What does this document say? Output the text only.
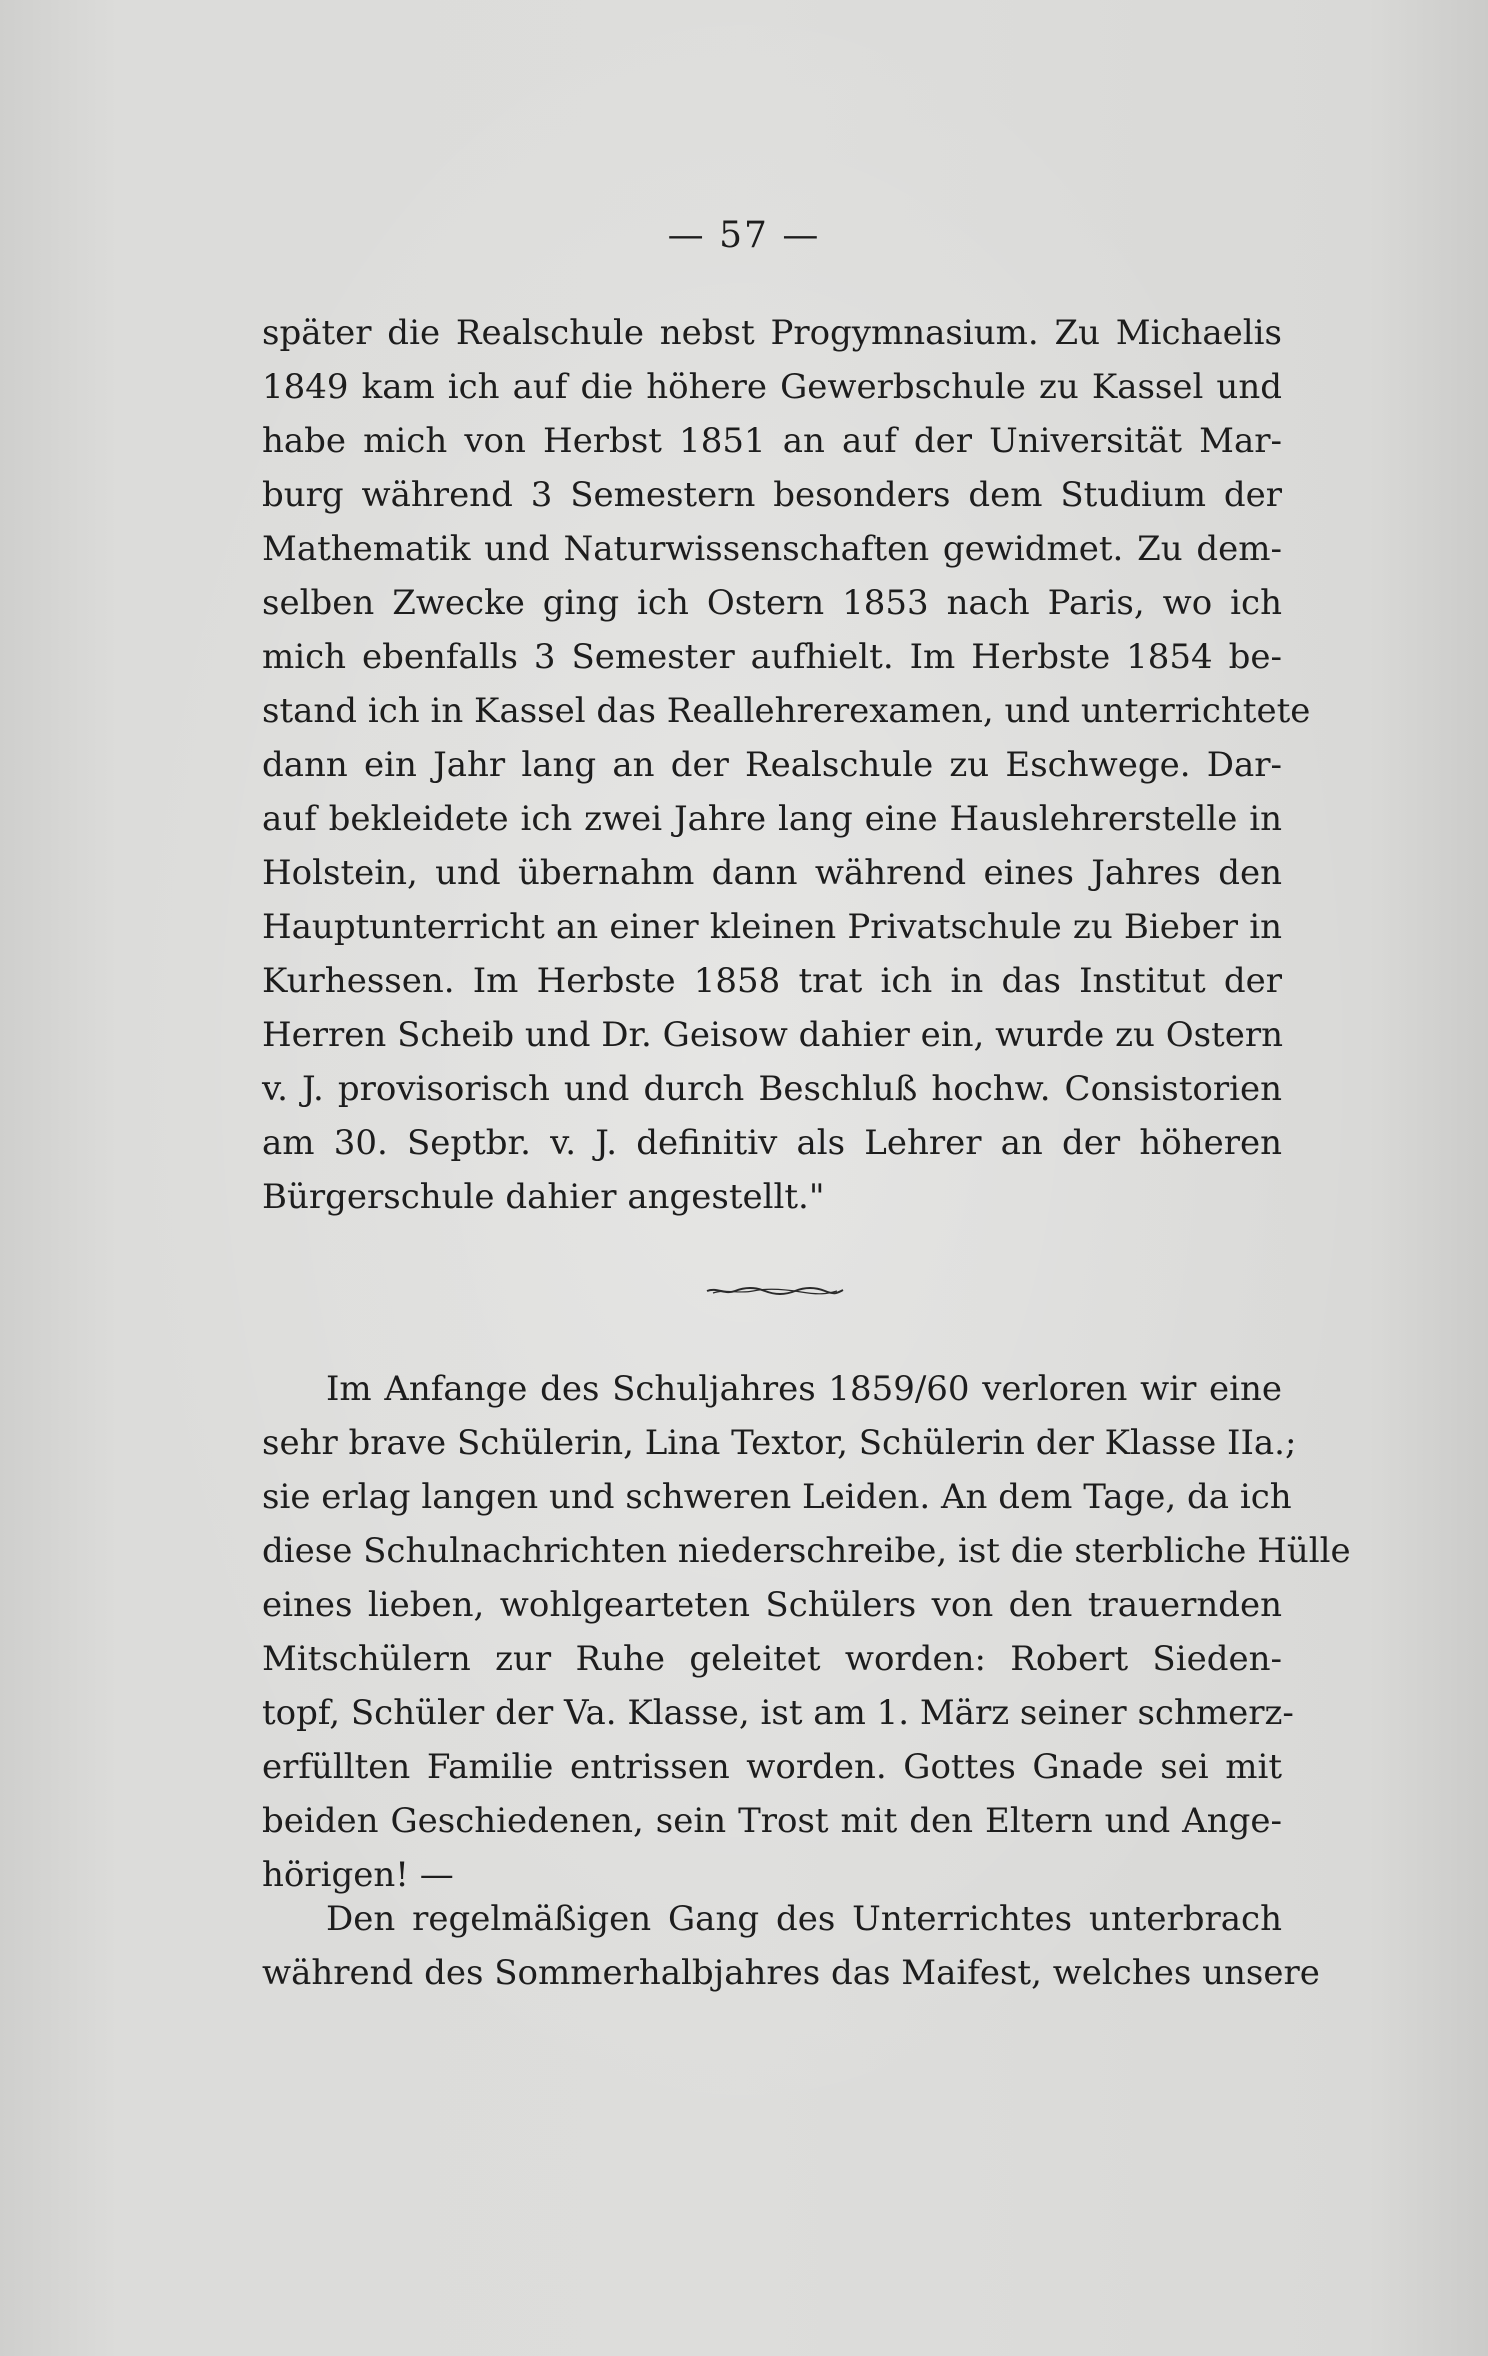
— 57 —
später die Realschule nebst Progymnasium. Zu Michaelis
1849 kam ich auf die höhere Gewerbschule zu Kassel und
habe mich von Herbst 1851 an auf der Universität Mar-
burg während 3 Semestern besonders dem Studium der
Mathematik und Naturwissenschaften gewidmet. Zu dem-
selben Zwecke ging ich Ostern 1853 nach Paris, wo ich
mich ebenfalls 3 Semester aufhielt. Im Herbste 1854 be-
stand ich in Kassel das Reallehrerexamen, und unterrichtete
dann ein Jahr lang an der Realschule zu Eschwege. Dar-
auf bekleidete ich zwei Jahre lang eine Hauslehrerstelle in
Holstein, und übernahm dann während eines Jahres den
Hauptunterricht an einer kleinen Privatschule zu Bieber in
Kurhessen. Im Herbste 1858 trat ich in das Institut der
Herren Scheib und Dr. Geisow dahier ein, wurde zu Ostern
v. J. provisorisch und durch Beschluß hochw. Consistorien
am 30. Septbr. v. J. definitiv als Lehrer an der höheren
Bürgerschule dahier angestellt."
Im Anfange des Schuljahres 1859/60 verloren wir eine
sehr brave Schülerin, Lina Textor, Schülerin der Klasse IIa.;
sie erlag langen und schweren Leiden. An dem Tage, da ich
diese Schulnachrichten niederschreibe, ist die sterbliche Hülle
eines lieben, wohlgearteten Schülers von den trauernden
Mitschülern zur Ruhe geleitet worden: Robert Sieden-
topf, Schüler der Va. Klasse, ist am 1. März seiner schmerz-
erfüllten Familie entrissen worden. Gottes Gnade sei mit
beiden Geschiedenen, sein Trost mit den Eltern und Ange-
hörigen! —
Den regelmäßigen Gang des Unterrichtes unterbrach
während des Sommerhalbjahres das Maifest, welches unsere
